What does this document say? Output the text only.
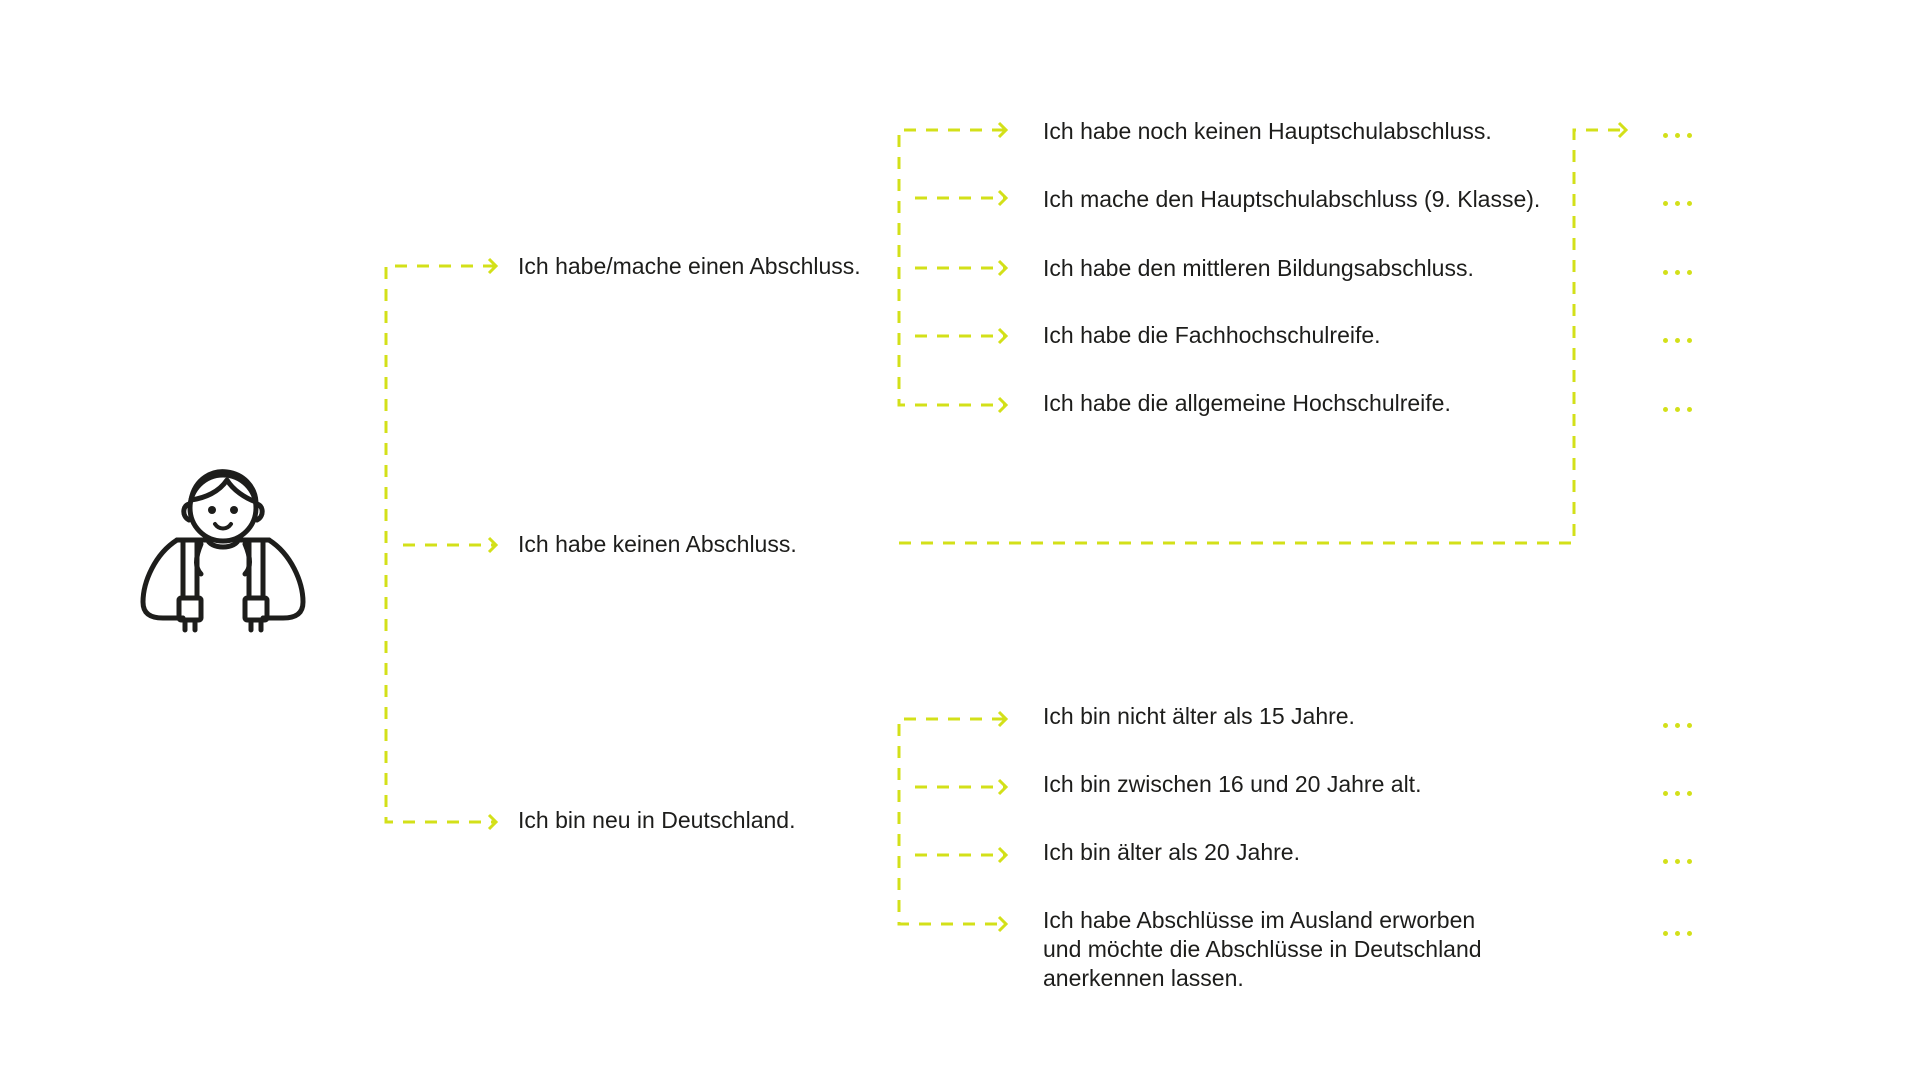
Ich habe/mache einen Abschluss.
Ich habe keinen Abschluss.
Ich bin neu in Deutschland.
Ich habe noch keinen Hauptschulabschluss.
Ich mache den Hauptschulabschluss (9. Klasse).
Ich habe den mittleren Bildungsabschluss.
Ich habe die Fachhochschulreife.
Ich habe die allgemeine Hochschulreife.
Ich bin nicht älter als 15 Jahre.
Ich bin zwischen 16 und 20 Jahre alt.
Ich bin älter als 20 Jahre.
Ich habe Abschlüsse im Ausland erworben
und möchte die Abschlüsse in Deutschland
anerkennen lassen.
